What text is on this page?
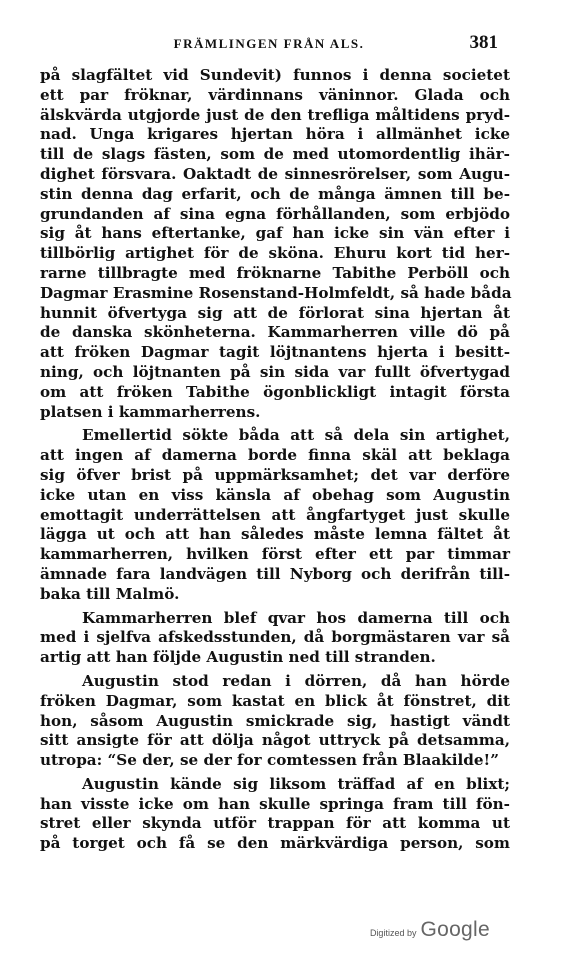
FRÄMLINGEN FRÅN ALS.	381
på slagfältet vid Sundevit) funnos i denna societet
ett par fröknar, värdinnans väninnor. Glada och
älskvärda utgjorde just de den trefliga måltidens pryd-
nad. Unga krigares hjertan höra i allmänhet icke
till de slags fästen, som de med utomordentlig ihär-
dighet försvara. Oaktadt de sinnesrörelser, som Augu-
stin denna dag erfarit, och de många ämnen till be-
grundanden af sina egna förhållanden, som erbjödo
sig åt hans eftertanke, gaf han icke sin vän efter i
tillbörlig artighet för de sköna. Ehuru kort tid her-
rarne tillbragte med fröknarne Tabithe Perböll och
Dagmar Erasmine Rosenstand-Holmfeldt, så hade båda
hunnit öfvertyga sig att de förlorat sina hjertan åt
de danska skönheterna. Kammarherren ville dö på
att fröken Dagmar tagit löjtnantens hjerta i besitt-
ning, och löjtnanten på sin sida var fullt öfvertygad
om att fröken Tabithe ögonblickligt intagit första
platsen i kammarherrens.
Emellertid sökte båda att så dela sin artighet,
att ingen af damerna borde finna skäl att beklaga
sig öfver brist på uppmärksamhet; det var derföre
icke utan en viss känsla af obehag som Augustin
emottagit underrättelsen att ångfartyget just skulle
lägga ut och att han således måste lemna fältet åt
kammarherren, hvilken först efter ett par timmar
ämnade fara landvägen till Nyborg och derifrån till-
baka till Malmö.
Kammarherren blef qvar hos damerna till och
med i sjelfva afskedsstunden, då borgmästaren var så
artig att han följde Augustin ned till stranden.
Augustin stod redan i dörren, då han hörde
fröken Dagmar, som kastat en blick åt fönstret, dit
hon, såsom Augustin smickrade sig, hastigt vändt
sitt ansigte för att dölja något uttryck på detsamma,
utropa: “Se der, se der for comtessen från Blaakilde!”
Augustin kände sig liksom träffad af en blixt;
han visste icke om han skulle springa fram till fön-
stret eller skynda utför trappan för att komma ut
på torget och få se den märkvärdiga person, som
Digitized by Google
